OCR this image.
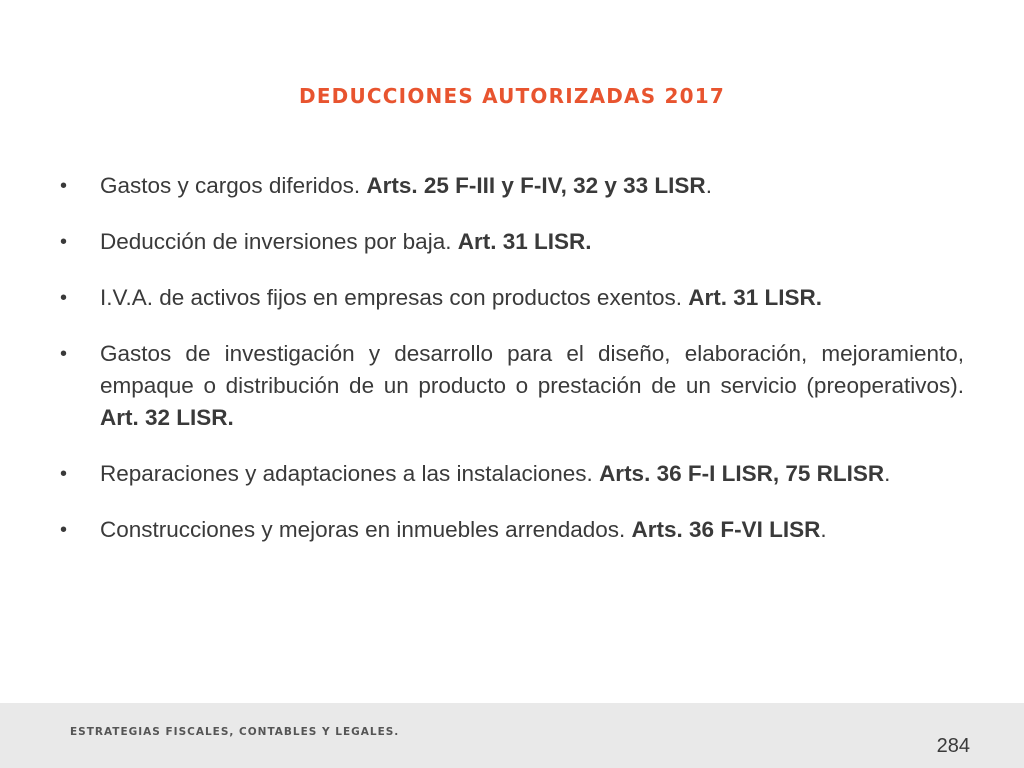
DEDUCCIONES AUTORIZADAS 2017
• Gastos y cargos diferidos. Arts. 25 F-III y F-IV, 32 y 33 LISR.
• Deducción de inversiones por baja. Art. 31 LISR.
• I.V.A. de activos fijos en empresas con productos exentos. Art. 31 LISR.
• Gastos de investigación y desarrollo para el diseño, elaboración, mejoramiento, empaque o distribución de un producto o prestación de un servicio (preoperativos). Art. 32 LISR.
• Reparaciones y adaptaciones a las instalaciones. Arts. 36 F-I LISR, 75 RLISR.
• Construcciones y mejoras en inmuebles arrendados. Arts. 36 F-VI LISR.
ESTRATEGIAS FISCALES, CONTABLES Y LEGALES.
284
